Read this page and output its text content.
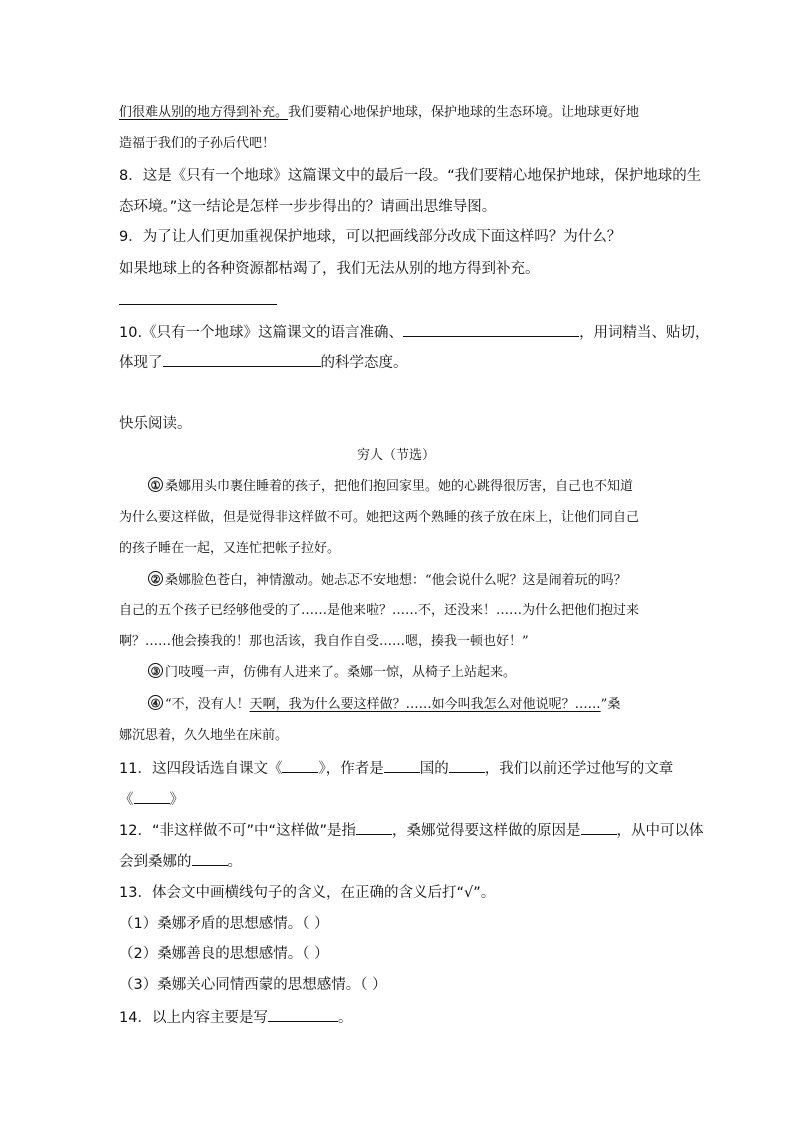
们很难从别的地方得到补充。我们要精心地保护地球，保护地球的生态环境。让地球更好地
造福于我们的子孙后代吧！
8．这是《只有一个地球》这篇课文中的最后一段。“我们要精心地保护地球，保护地球的生
态环境。”这一结论是怎样一步步得出的？请画出思维导图。
9．为了让人们更加重视保护地球，可以把画线部分改成下面这样吗？为什么？
如果地球上的各种资源都枯竭了，我们无法从别的地方得到补充。
10.《只有一个地球》这篇课文的语言准确、	，用词精当、贴切，
体现了	的科学态度。
快乐阅读。
穷人（节选）
① 桑娜用头巾裹住睡着的孩子，把他们抱回家里。她的心跳得很厉害，自己也不知道
为什么要这样做，但是觉得非这样做不可。她把这两个熟睡的孩子放在床上，让他们同自己
的孩子睡在一起，又连忙把帐子拉好。
② 桑娜脸色苍白，神情激动。她忐忑不安地想：“他会说什么呢？这是闹着玩的吗？
自己的五个孩子已经够他受的了……是他来啦？……不，还没来！……为什么把他们抱过来
啊？……他会揍我的！那也活该，我自作自受……嗯，揍我一顿也好！”
③ 门吱嘎一声，仿佛有人进来了。桑娜一惊，从椅子上站起来。
④ “不，没有人！天啊，我为什么要这样做？……如今叫我怎么对他说呢？……”桑
娜沉思着，久久地坐在床前。
11．这四段话选自课文《 》，作者是 国的 ，我们以前还学过他写的文章
《 》
12．“非这样做不可”中“这样做”是指 ，桑娜觉得要这样做的原因是 ，从中可以体
会到桑娜的 。
13．体会文中画横线句子的含义，在正确的含义后打“√”。
（1）桑娜矛盾的思想感情。（ ）
（2）桑娜善良的思想感情。（ ）
（3）桑娜关心同情西蒙的思想感情。（ ）
14．以上内容主要是写	。
